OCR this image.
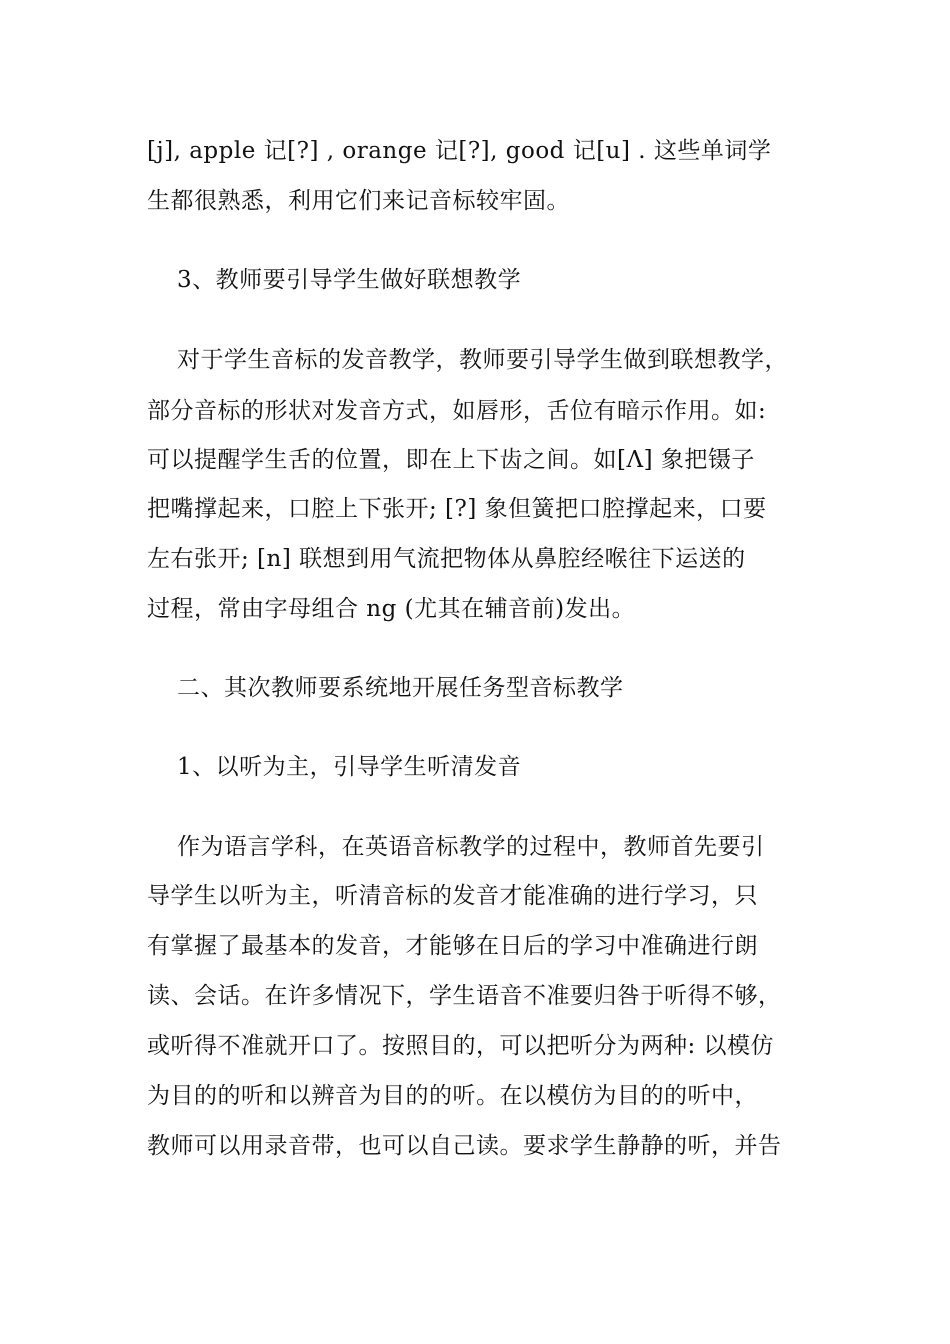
[j], apple 记[?] , orange 记[?], good 记[u] . 这些单词学
生都很熟悉，利用它们来记音标较牢固。
3、教师要引导学生做好联想教学
对于学生音标的发音教学，教师要引导学生做到联想教学，
部分音标的形状对发音方式，如唇形，舌位有暗示作用。如:
可以提醒学生舌的位置，即在上下齿之间。如[Λ] 象把镊子
把嘴撑起来，口腔上下张开; [?] 象但簧把口腔撑起来，口要
左右张开; [n] 联想到用气流把物体从鼻腔经喉往下运送的
过程，常由字母组合 ng (尤其在辅音前)发出。
二、其次教师要系统地开展任务型音标教学
1、以听为主，引导学生听清发音
作为语言学科，在英语音标教学的过程中，教师首先要引
导学生以听为主，听清音标的发音才能准确的进行学习，只
有掌握了最基本的发音，才能够在日后的学习中准确进行朗
读、会话。在许多情况下，学生语音不准要归咎于听得不够，
或听得不准就开口了。按照目的，可以把听分为两种: 以模仿
为目的的听和以辨音为目的的听。在以模仿为目的的听中，
教师可以用录音带，也可以自己读。要求学生静静的听，并告
